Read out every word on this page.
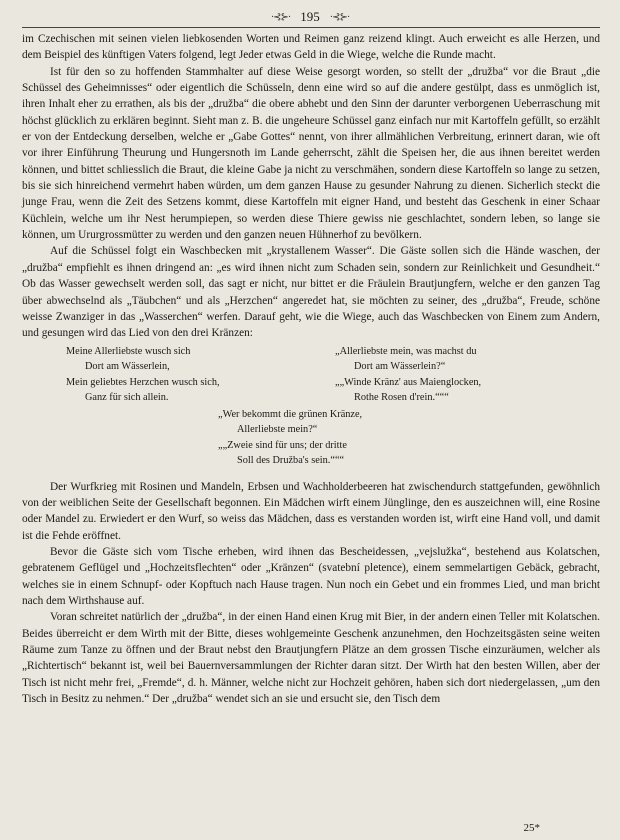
·⊰⊱· 195 ·⊰⊱·

im Czechischen mit seinen vielen liebkosenden Worten und Reimen ganz reizend klingt. Auch erweicht es alle Herzen, und dem Beispiel des künftigen Vaters folgend, legt Jeder etwas Geld in die Wiege, welche die Runde macht.

Ist für den so zu hoffenden Stammhalter auf diese Weise gesorgt worden, so stellt der „družba“ vor die Braut „die Schüssel des Geheimnisses“ oder eigentlich die Schüsseln, denn eine wird so auf die andere gestülpt, dass es unmöglich ist, ihren Inhalt eher zu errathen, als bis der „družba“ die obere abhebt und den Sinn der darunter verborgenen Ueberraschung mit höchst glücklich zu erklären beginnt. Sieht man z. B. die ungeheure Schüssel ganz einfach nur mit Kartoffeln gefüllt, so erzählt er von der Entdeckung derselben, welche er „Gabe Gottes“ nennt, von ihrer allmählichen Verbreitung, erinnert daran, wie oft vor ihrer Einführung Theurung und Hungersnoth im Lande geherrscht, zählt die Speisen her, die aus ihnen bereitet werden können, und bittet schliesslich die Braut, die kleine Gabe ja nicht zu verschmähen, sondern diese Kartoffeln so lange zu setzen, bis sie sich hinreichend vermehrt haben würden, um dem ganzen Hause zu gesunder Nahrung zu dienen. Sicherlich steckt die junge Frau, wenn die Zeit des Setzens kommt, diese Kartoffeln mit eigner Hand, und besteht das Geschenk in einer Schaar Küchlein, welche um ihr Nest herumpiepen, so werden diese Thiere gewiss nie geschlachtet, sondern leben, so lange sie können, um Ururgrossmütter zu werden und den ganzen neuen Hühnerhof zu bevölkern.

Auf die Schüssel folgt ein Waschbecken mit „krystallenem Wasser“. Die Gäste sollen sich die Hände waschen, der „družba“ empfiehlt es ihnen dringend an: „es wird ihnen nicht zum Schaden sein, sondern zur Reinlichkeit und Gesundheit.“ Ob das Wasser gewechselt werden soll, das sagt er nicht, nur bittet er die Fräulein Brautjungfern, welche er den ganzen Tag über abwechselnd als „Täubchen“ und als „Herzchen“ angeredet hat, sie möchten zu seiner, des „družba“, Freude, schöne weisse Zwanziger in das „Wasserchen“ werfen. Darauf geht, wie die Wiege, auch das Waschbecken von Einem zum Andern, und gesungen wird das Lied von den drei Kränzen:

Meine Allerliebste wusch sich
Dort am Wässerlein,
Mein geliebtes Herzchen wusch sich,
Ganz für sich allein.
„Allerliebste mein, was machst du
Dort am Wässerlein?“
„„Winde Kränz' aus Maienglocken,
Rothe Rosen d'rein.“““
„Wer bekommt die grünen Kränze,
Allerliebste mein?“
„„Zweie sind für uns; der dritte
Soll des Družba's sein.“““

Der Wurfkrieg mit Rosinen und Mandeln, Erbsen und Wachholderbeeren hat zwischendurch stattgefunden, gewöhnlich von der weiblichen Seite der Gesellschaft begonnen. Ein Mädchen wirft einem Jünglinge, den es auszeichnen will, eine Rosine oder Mandel zu. Erwiedert er den Wurf, so weiss das Mädchen, dass es verstanden worden ist, wirft eine Hand voll, und damit ist die Fehde eröffnet.

Bevor die Gäste sich vom Tische erheben, wird ihnen das Bescheidessen, „vejslužka“, bestehend aus Kolatschen, gebratenem Geflügel und „Hochzeitsflechten“ oder „Kränzen“ (svatební pletence), einem semmelartigen Gebäck, gebracht, welches sie in einem Schnupf- oder Kopftuch nach Hause tragen. Nun noch ein Gebet und ein frommes Lied, und man bricht nach dem Wirthshause auf.

Voran schreitet natürlich der „družba“, in der einen Hand einen Krug mit Bier, in der andern einen Teller mit Kolatschen. Beides überreicht er dem Wirth mit der Bitte, dieses wohlgemeinte Geschenk anzunehmen, den Hochzeitsgästen seine weiten Räume zum Tanze zu öffnen und der Braut nebst den Brautjungfern Plätze an dem grossen Tische einzuräumen, welcher als „Richtertisch“ bekannt ist, weil bei Bauernversammlungen der Richter daran sitzt. Der Wirth hat den besten Willen, aber der Tisch ist nicht mehr frei, „Fremde“, d. h. Männer, welche nicht zur Hochzeit gehören, haben sich dort niedergelassen, „um den Tisch in Besitz zu nehmen.“ Der „družba“ wendet sich an sie und ersucht sie, den Tisch dem

25*
